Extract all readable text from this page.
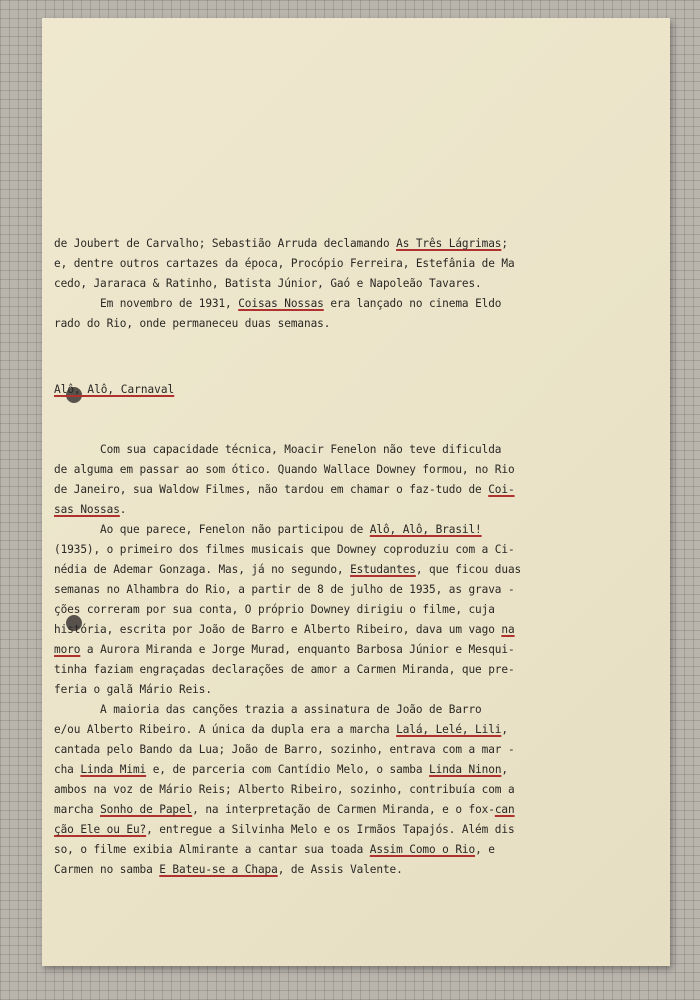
de Joubert de Carvalho; Sebastião Arruda declamando As Três Lágrimas;
e, dentre outros cartazes da época, Procópio Ferreira, Estefânia de Ma
cedo, Jararaca & Ratinho, Batista Júnior, Gaó e Napoleão Tavares.
Em novembro de 1931, Coisas Nossas era lançado no cinema Eldo
rado do Rio, onde permaneceu duas semanas.
Alô, Alô, Carnaval
Com sua capacidade técnica, Moacir Fenelon não teve dificulda
de alguma em passar ao som ótico. Quando Wallace Downey formou, no Rio
de Janeiro, sua Waldow Filmes, não tardou em chamar o faz-tudo de Coi-
sas Nossas.
Ao que parece, Fenelon não participou de Alô, Alô, Brasil!
(1935), o primeiro dos filmes musicais que Downey coproduziu com a Ci-
nédia de Ademar Gonzaga. Mas, já no segundo, Estudantes, que ficou duas
semanas no Alhambra do Rio, a partir de 8 de julho de 1935, as grava -
ções correram por sua conta, O próprio Downey dirigiu o filme, cuja
história, escrita por João de Barro e Alberto Ribeiro, dava um vago na
moro a Aurora Miranda e Jorge Murad, enquanto Barbosa Júnior e Mesqui-
tinha faziam engraçadas declarações de amor a Carmen Miranda, que pre-
feria o galã Mário Reis.
A maioria das canções trazia a assinatura de João de Barro
e/ou Alberto Ribeiro. A única da dupla era a marcha Lalá, Lelé, Lili,
cantada pelo Bando da Lua; João de Barro, sozinho, entrava com a mar -
cha Linda Mimi e, de parceria com Cantídio Melo, o samba Linda Ninon,
ambos na voz de Mário Reis; Alberto Ribeiro, sozinho, contribuía com a
marcha Sonho de Papel, na interpretação de Carmen Miranda, e o fox-can
ção Ele ou Eu?, entregue a Silvinha Melo e os Irmãos Tapajós. Além dis
so, o filme exibia Almirante a cantar sua toada Assim Como o Rio, e
Carmen no samba E Bateu-se a Chapa, de Assis Valente.
